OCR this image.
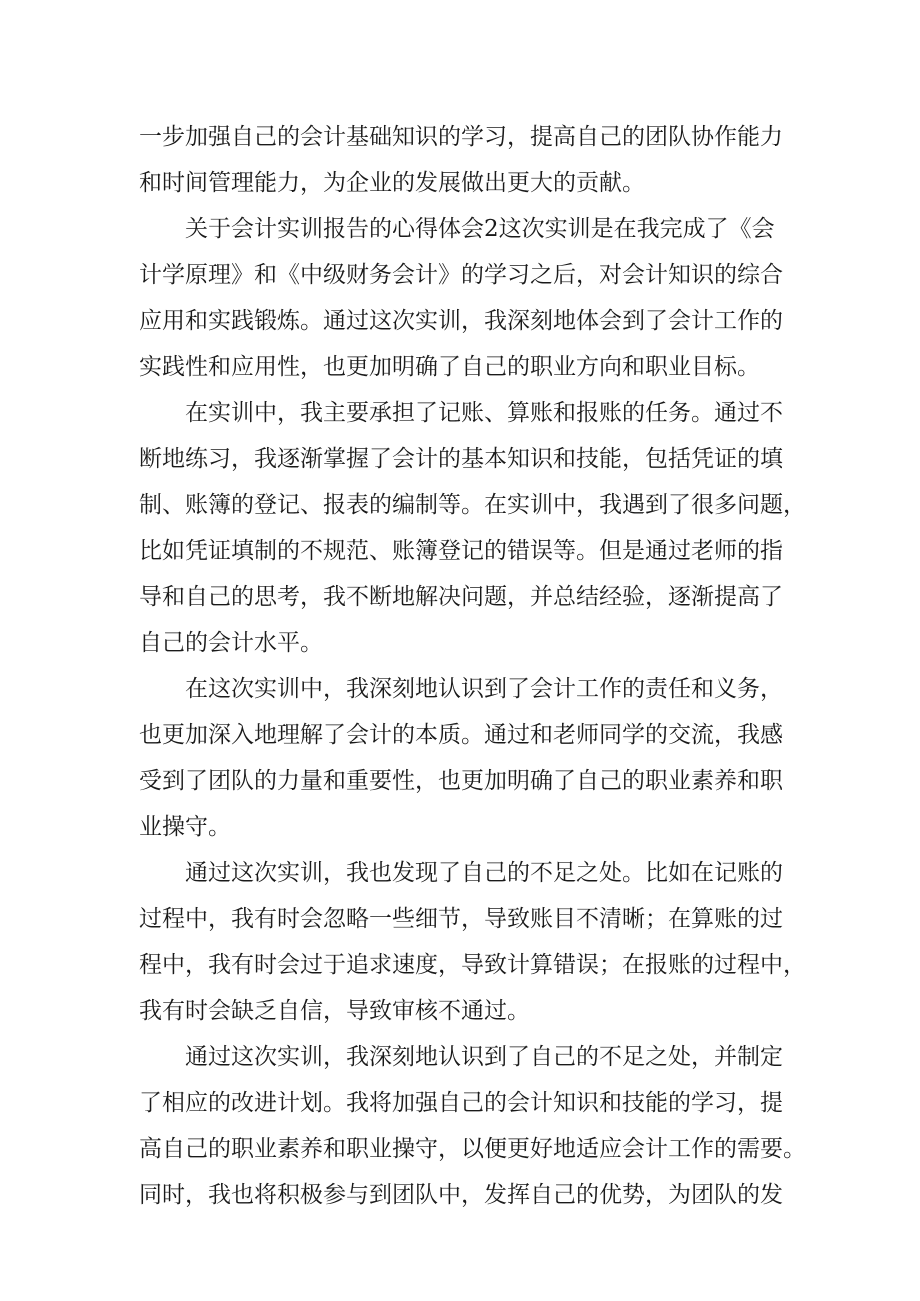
一步加强自己的会计基础知识的学习，提高自己的团队协作能力
和时间管理能力，为企业的发展做出更大的贡献。
关于会计实训报告的心得体会2这次实训是在我完成了《会
计学原理》和《中级财务会计》的学习之后，对会计知识的综合
应用和实践锻炼。通过这次实训，我深刻地体会到了会计工作的
实践性和应用性，也更加明确了自己的职业方向和职业目标。
在实训中，我主要承担了记账、算账和报账的任务。通过不
断地练习，我逐渐掌握了会计的基本知识和技能，包括凭证的填
制、账簿的登记、报表的编制等。在实训中，我遇到了很多问题，
比如凭证填制的不规范、账簿登记的错误等。但是通过老师的指
导和自己的思考，我不断地解决问题，并总结经验，逐渐提高了
自己的会计水平。
在这次实训中，我深刻地认识到了会计工作的责任和义务，
也更加深入地理解了会计的本质。通过和老师同学的交流，我感
受到了团队的力量和重要性，也更加明确了自己的职业素养和职
业操守。
通过这次实训，我也发现了自己的不足之处。比如在记账的
过程中，我有时会忽略一些细节，导致账目不清晰；在算账的过
程中，我有时会过于追求速度，导致计算错误；在报账的过程中，
我有时会缺乏自信，导致审核不通过。
通过这次实训，我深刻地认识到了自己的不足之处，并制定
了相应的改进计划。我将加强自己的会计知识和技能的学习，提
高自己的职业素养和职业操守，以便更好地适应会计工作的需要。
同时，我也将积极参与到团队中，发挥自己的优势，为团队的发
